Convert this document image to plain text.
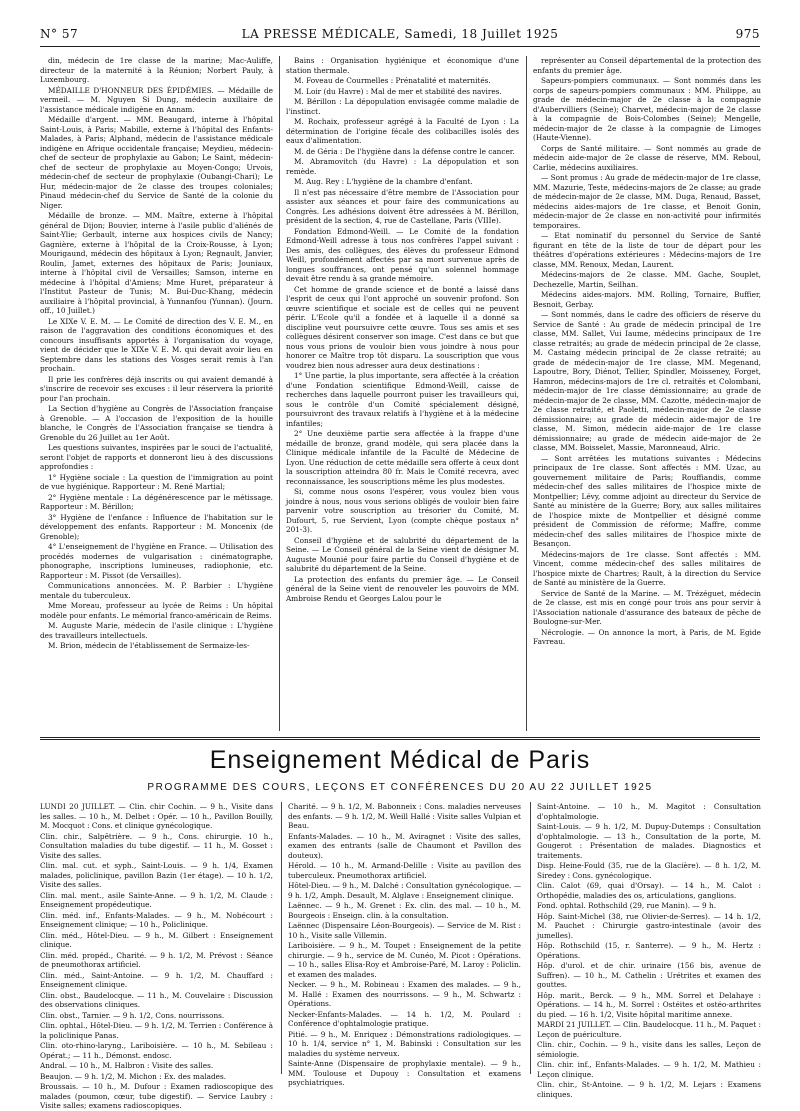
N° 57	LA PRESSE MÉDICALE, Samedi, 18 Juillet 1925	975

din, médecin de 1re classe de la marine; Mac-Auliffe, directeur de la maternité à la Réunion; Norbert Pauly, à Luxembourg.

MÉDAILLE D'HONNEUR DES ÉPIDÉMIES. — Médaille de vermeil. — M. Nguyen Si Dung, médecin auxiliaire de l'assistance médicale indigène en Annam.

Médaille d'argent. — MM. Beaugard, interne à l'hôpital Saint-Louis, à Paris; Mabille, externe à l'hôpital des Enfants-Malades, à Paris; Alphand, médecin de l'assistance médicale indigène en Afrique occidentale française; Meydieu, médecin-chef de secteur de prophylaxie au Gabon; Le Saint, médecin-chef de secteur de prophylaxie au Moyen-Congo; Urvois, médecin-chef de secteur de prophylaxie (Oubangi-Chari); Le Hur, médecin-major de 2e classe des troupes coloniales; Pinaud médecin-chef du Service de Santé de la colonie du Niger.

Médaille de bronze. — MM. Maître, externe à l'hôpital général de Dijon; Bouvier, interne à l'asile public d'aliénés de Saint-Ylie; Gerbault, interne aux hospices civils de Nancy; Gagnière, externe à l'hôpital de la Croix-Rousse, à Lyon; Mourigaund, médecin des hôpitaux à Lyon; Regnault, Janvier, Roulin, Jamet, externes des hôpitaux de Paris; Jouniaux, interne à l'hôpital civil de Versailles; Samson, interne en médecine à l'hôpital d'Amiens; Mme Huret, préparateur à l'Institut Pasteur de Tunis; M. Bui-Duc-Khang, médecin auxiliaire à l'hôpital provincial, à Yunnanfou (Yunnan). (Journ. off., 10 Juillet.)

Le XIXe V. E. M. — Le Comité de direction des V. E. M., en raison de l'aggravation des conditions économiques et des concours insuffisants apportés à l'organisation du voyage, vient de décider que le XIXe V. E. M. qui devait avoir lieu en Septembre dans les stations des Vosges serait remis à l'an prochain.

Il prie les confrères déjà inscrits ou qui avaient demandé à s'inscrire de recevoir ses excuses : il leur réservera la priorité pour l'an prochain.

La Section d'hygiène au Congrès de l'Association française à Grenoble. — A l'occasion de l'exposition de la houille blanche, le Congrès de l'Association française se tiendra à Grenoble du 26 Juillet au 1er Août.

Les questions suivantes, inspirées par le souci de l'actualité, seront l'objet de rapports et donneront lieu à des discussions approfondies :

1° Hygiène sociale : La question de l'immigration au point de vue hygiénique. Rapporteur : M. René Martial;

2° Hygiène mentale : La dégénérescence par le métissage. Rapporteur : M. Bérillon;

3° Hygiène de l'enfance : Influence de l'habitation sur le développement des enfants. Rapporteur : M. Moncenix (de Grenoble);

4° L'enseignement de l'hygiène en France. — Utilisation des procédés modernes de vulgarisation : cinématographe, phonographe, inscriptions lumineuses, radiophonie, etc. Rapporteur : M. Pissot (de Versailles).

Communications annoncées. M. P. Barbier : L'hygiène mentale du tuberculeux.

Mme Moreau, professeur au lycée de Reims : Un hôpital modèle pour enfants. Le mémorial franco-américain de Reims.

M. Auguste Marie, médecin de l'asile clinique : L'hygiène des travailleurs intellectuels.

M. Brion, médecin de l'établissement de Sermaize-les-

Bains : Organisation hygiénique et économique d'une station thermale.

M. Foveau de Courmelles : Prénatalité et maternités.

M. Loir (du Havre) : Mal de mer et stabilité des navires.

M. Bérillon : La dépopulation envisagée comme maladie de l'instinct.

M. Rochaix, professeur agrégé à la Faculté de Lyon : La détermination de l'origine fécale des colibacilles isolés des eaux d'alimentation.

M. de Géria : De l'hygiène dans la défense contre le cancer.

M. Abramovitch (du Havre) : La dépopulation et son remède.

M. Aug. Rey : L'hygiène de la chambre d'enfant.

Il n'est pas nécessaire d'être membre de l'Association pour assister aux séances et pour faire des communications au Congrès. Les adhésions doivent être adressées à M. Bérillon, président de la section, 4, rue de Castellane, Paris (VIIIe).

Fondation Edmond-Weill. — Le Comité de la fondation Edmond-Weill adresse à tous nos confrères l'appel suivant : Des amis, des collègues, des élèves du professeur Edmond Weill, profondément affectés par sa mort survenue après de longues souffrances, ont pensé qu'un solennel hommage devait être rendu à sa grande mémoire.

Cet homme de grande science et de bonté a laissé dans l'esprit de ceux qui l'ont approché un souvenir profond. Son œuvre scientifique et sociale est de celles qui ne peuvent périr. L'Ecole qu'il a fondée et à laquelle il a donné sa discipline veut poursuivre cette œuvre. Tous ses amis et ses collègues désirent conserver son image. C'est dans ce but que nous vous prions de vouloir bien vous joindre à nous pour honorer ce Maître trop tôt disparu. La souscription que vous voudrez bien nous adresser aura deux destinations :

1° Une partie, la plus importante, sera affectée à la création d'une Fondation scientifique Edmond-Weill, caisse de recherches dans laquelle pourront puiser les travailleurs qui, sous le contrôle d'un Comité spécialement désigné, poursuivront des travaux relatifs à l'hygiène et à la médecine infantiles;

2° Une deuxième partie sera affectée à la frappe d'une médaille de bronze, grand modèle, qui sera placée dans la Clinique médicale infantile de la Faculté de Médecine de Lyon. Une réduction de cette médaille sera offerte à ceux dont la souscription atteindra 80 fr. Mais le Comité recevra, avec reconnaissance, les souscriptions même les plus modestes.

Si, comme nous osons l'espérer, vous voulez bien vous joindre à nous, nous vous serions obligés de vouloir bien faire parvenir votre souscription au trésorier du Comité, M. Dufourt, 5, rue Servient, Lyon (compte chèque postaux n° 201-3).

Conseil d'hygiène et de salubrité du département de la Seine. — Le Conseil général de la Seine vient de désigner M. Auguste Mounié pour faire partie du Conseil d'hygiène et de salubrité du département de la Seine.

La protection des enfants du premier âge. — Le Conseil général de la Seine vient de renouveler les pouvoirs de MM. Ambroise Rendu et Georges Lalou pour le

représenter au Conseil départemental de la protection des enfants du premier âge.

Sapeurs-pompiers communaux. — Sont nommés dans les corps de sapeurs-pompiers communaux : MM. Philippe, au grade de médecin-major de 2e classe à la compagnie d'Aubervilliers (Seine); Charvet, médecin-major de 2e classe à la compagnie de Bois-Colombes (Seine); Mengelle, médecin-major de 2e classe à la compagnie de Limoges (Haute-Vienne).

Corps de Santé militaire. — Sont nommés au grade de médecin aide-major de 2e classe de réserve, MM. Reboul, Carlie, médecins auxiliaires.

— Sont promus : Au grade de médecin-major de 1re classe, MM. Mazurie, Teste, médecins-majors de 2e classe; au grade de médecin-major de 2e classe, MM. Duga, Renaud, Basset, médecins aides-majors de 1re classe, et Benoit Gonin, médecin-major de 2e classe en non-activité pour infirmités temporaires.

— Etat nominatif du personnel du Service de Santé figurant en tête de la liste de tour de départ pour les théâtres d'opérations extérieures : Médecins-majors de 1re classe, MM. Renoux, Medan, Laurent.

Médecins-majors de 2e classe. MM. Gache, Souplet, Dechezelle, Martin, Seilhan.

Médecins aides-majors. MM. Rolling, Tornaire, Buffier, Besnoit, Gerbay.

— Sont nommés, dans le cadre des officiers de réserve du Service de Santé : Au grade de médecin principal de 1re classe, MM. Sallet, Vui Iaume, médecins principaux de 1re classe retraités; au grade de médecin principal de 2e classe, M. Castaing médecin principal de 2e classe retraité; au grade de médecin-major de 1re classe, MM. Megenand, Lapoutre, Bory, Diénot, Tellier, Spindler, Moisseney, Forget, Hamron, médecins-majors de 1re cl. retraités et Colombani, médecin-major de 1re classe démissionnaire; au grade de médecin-major de 2e classe, MM. Cazotte, médecin-major de 2e classe retraité, et Paoletti, médecin-major de 2e classe démissionnaire; au grade de médecin aide-major de 1re classe, M. Simon, médecin aide-major de 1re classe démissionnaire; au grade de médecin aide-major de 2e classe, MM. Boisselet, Massie, Maronneaud, Alric.

— Sont arrêtées les mutations suivantes : Médecins principaux de 1re classe. Sont affectés : MM. Uzac, au gouvernement militaire de Paris; Rouffiandis, comme médecin-chef des salles militaires de l'hospice mixte de Montpellier; Lévy, comme adjoint au directeur du Service de Santé au ministère de la Guerre; Bory, aux salles militaires de l'hospice mixte de Montpellier et désigné comme président de Commission de réforme; Maffre, comme médecin-chef des salles militaires de l'hospice mixte de Besançon.

Médecins-majors de 1re classe. Sont affectés : MM. Vincent, comme médecin-chef des salles militaires de l'hospice mixte de Chartres; Rault, à la direction du Service de Santé au ministère de la Guerre.

Service de Santé de la Marine. — M. Trézéguet, médecin de 2e classe, est mis en congé pour trois ans pour servir à l'Association nationale d'assurance des bateaux de pêche de Boulogne-sur-Mer.

Nécrologie. — On annonce la mort, à Paris, de M. Egide Favreau.

Enseignement Médical de Paris
PROGRAMME DES COURS, LEÇONS ET CONFÉRENCES DU 20 AU 22 JUILLET 1925

LUNDI 20 JUILLET. — Clin. chir Cochin. — 9 h., Visite dans les salles. — 10 h., M. Delbet : Opér. — 10 h., Pavillon Bouilly, M. Mocquot : Cons. et clinique gynécologique.

Clin. chir., Salpêtrière. — 9 h., Cons. chirurgie. 10 h., Consultation maladies du tube digestif. — 11 h., M. Gosset : Visite des salles.

Clin. mal. cut. et syph., Saint-Louis. — 9 h. 1/4, Examen malades, policlinique, pavillon Bazin (1er étage). — 10 h. 1/2, Visite des salles.

Clin. mal. ment., asile Sainte-Anne. — 9 h. 1/2, M. Claude : Enseignement propédeutique.

Clin. méd. inf., Enfants-Malades. — 9 h., M. Nobécourt : Enseignement clinique; — 10 h., Policlinique.

Clin. méd., Hôtel-Dieu. — 9 h., M. Gilbert : Enseignement clinique.

Clin. méd. propéd., Charité. — 9 h. 1/2, M. Prévost : Séance de pneumothorax artificiel.

Clin. méd., Saint-Antoine. — 9 h. 1/2, M. Chauffard : Enseignement clinique.

Clin. obst., Baudelocque. — 11 h., M. Couvelaire : Discussion des observations cliniques.

Clin. obst., Tarnier. — 9 h. 1/2, Cons. nourrissons.

Clin. ophtal., Hôtel-Dieu. — 9 h. 1/2, M. Terrien : Conférence à la policlinique Panas.

Clin. oto-rhino-laryng., Lariboisière. — 10 h., M. Sebileau : Opérat.; — 11 h., Démonst. endosc.

Andral. — 10 h., M. Halbron : Visite des salles.

Beaujon. — 9 h. 1/2, M. Michon : Ex. des malades.

Broussais. — 10 h., M. Dufour : Examen radioscopique des malades (poumon, cœur, tube digestif). — Service Laubry : Visite salles; examens radioscopiques.

Charité. — 9 h. 1/2, M. Babonneix : Cons. maladies nerveuses des enfants. — 9 h. 1/2, M. Weill Hallé : Visite salles Vulpian et Beau.

Enfants-Malades. — 10 h., M. Aviragnet : Visite des salles, examen des entrants (salle de Chaumont et Pavillon des douteux).

Hérold. — 10 h., M. Armand-Delille : Visite au pavillon des tuberculeux. Pneumothorax artificiel.

Hôtel-Dieu. — 9 h., M. Dalché : Consultation gynécologique. — 9 h. 1/2, Amph. Desault, M. Alglave : Enseignement clinique.

Laënnec. — 9 h., M. Grenet : Ex. clin. des mal. — 10 h., M. Bourgeois : Enseign. clin. à la consultation.

Laënnec (Dispensaire Léon-Bourgeois). — Service de M. Rist : 10 h., Visite salle Villemin.

Lariboisière. — 9 h., M. Toupet : Enseignement de la petite chirurgie. — 9 h., service de M. Cunéo, M. Picot : Opérations. — 10 h., salles Elisa-Roy et Ambroise-Paré, M. Laroy : Policlin. et examen des malades.

Necker. — 9 h., M. Robineau : Examen des malades. — 9 h., M. Hallé : Examen des nourrissons. — 9 h., M. Schwartz : Opérations.

Necker-Enfants-Malades. — 14 h. 1/2, M. Poulard : Conférence d'ophtalmologie pratique.

Pitié. — 9 h., M. Enriquez : Démonstrations radiologiques. — 10 h. 1/4, service n° 1, M. Babinski : Consultation sur les maladies du système nerveux.

Sainte-Anne (Dispensaire de prophylaxie mentale). — 9 h., MM. Toulouse et Dupouy : Consultation et examens psychiatriques.

Saint-Antoine. — 10 h., M. Magitot : Consultation d'ophtalmologie.

Saint-Louis. — 9 h. 1/2, M. Dupuy-Dutemps : Consultation d'ophtalmologie. — 13 h., Consultation de la porte, M. Gougerot : Présentation de malades. Diagnostics et traitements.

Disp. Heine-Fould (35, rue de la Glacière). — 8 h. 1/2, M. Siredey : Cons. gynécologique.

Clin. Calot (69, quai d'Orsay). — 14 h., M. Calot : Orthopédie, maladies des os, articulations, ganglions.

Fond. ophtal. Rothschild (29, rue Manin). — 9 h.

Hôp. Saint-Michel (38, rue Olivier-de-Serres). — 14 h. 1/2, M. Pauchet : Chirurgie gastro-intestinale (avoir des jumelles).

Hôp. Rothschild (15, r. Santerre). — 9 h., M. Hertz : Opérations.

Hôp. d'urol. et de chir. urinaire (156 bis, avenue de Suffren). — 10 h., M. Cathelin : Urétrites et examen des gouttes.

Hôp. marit., Berck. — 9 h., MM. Sorrel et Delahaye : Opérations. — 14 h., M. Sorrel : Ostéites et ostéo-arthrites du pied. — 16 h. 1/2, Visite hôpital maritime annexe.

MARDI 21 JUILLET. — Clin. Baudelocque. 11 h., M. Paquet : Leçon de puériculture.

Clin. chir., Cochin. — 9 h., visite dans les salles, Leçon de sémiologie.

Clin. chir. inf., Enfants-Malades. — 9 h. 1/2, M. Mathieu : Leçon clinique.

Clin. chir., St-Antoine. — 9 h. 1/2, M. Lejars : Examens cliniques.
